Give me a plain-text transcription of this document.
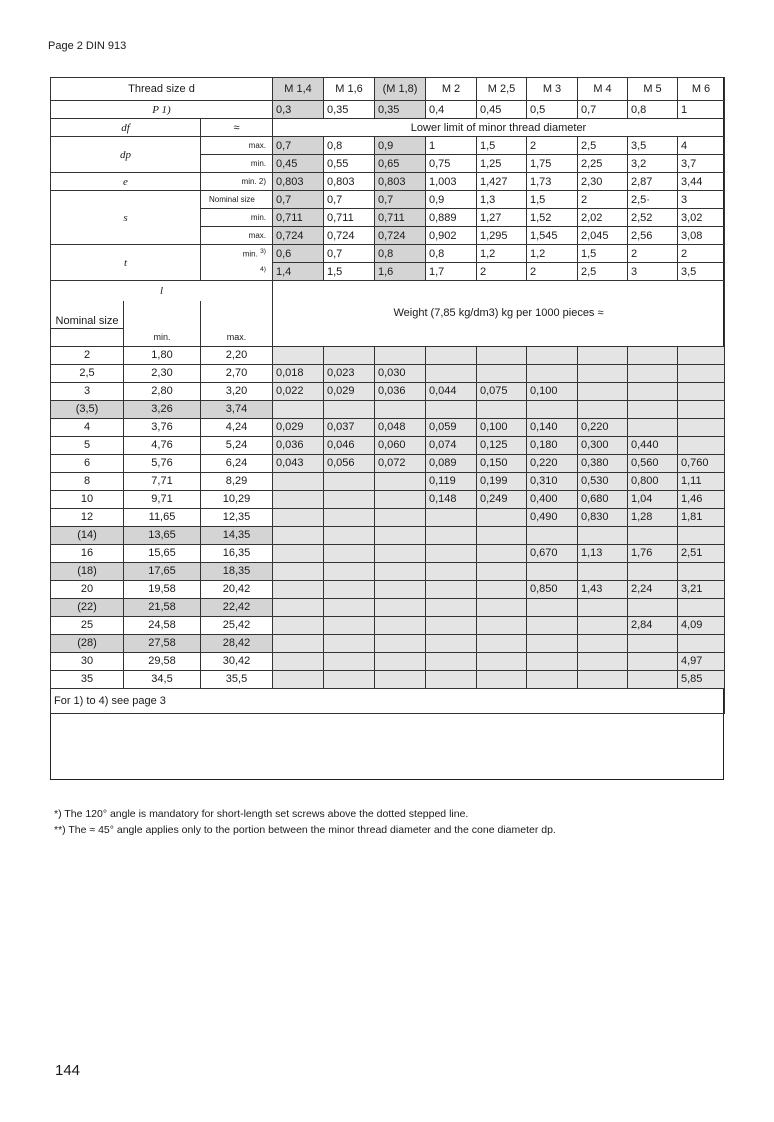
Page 2 DIN 913
Thread size d			M 1,4	M 1,6	(M 1,8)	M 2	M 2,5	M 3	M 4	M 5	M 6
P 1)			0,3	0,35	0,35	0,4	0,45	0,5	0,7	0,8	1
df		≈	Lower limit of minor thread diameter								
dp		max.	0,7	0,8	0,9	1	1,5	2	2,5	3,5	4
		min.	0,45	0,55	0,65	0,75	1,25	1,75	2,25	3,2	3,7
e		min. 2)	0,803	0,803	0,803	1,003	1,427	1,73	2,30	2,87	3,44
s		Nominal size	0,7	0,7	0,7	0,9	1,3	1,5	2	2,5·	3
		min.	0,711	0,711	0,711	0,889	1,27	1,52	2,02	2,52	3,02
		max.	0,724	0,724	0,724	0,902	1,295	1,545	2,045	2,56	3,08
t		min. $^{3)}$	0,6	0,7	0,8	0,8	1,2	1,2	1,5	2	2
		$^{4)}$	1,4	1,5	1,6	1,7	2	2	2,5	3	3,5
l			Weight (7,85 kg/dm3) kg per 1000 pieces ≈								
Nominal size											
	min.	max.									
2	1,80	2,20									
2,5	2,30	2,70	0,018	0,023	0,030						
3	2,80	3,20	0,022	0,029	0,036	0,044	0,075	0,100			
(3,5)	3,26	3,74									
4	3,76	4,24	0,029	0,037	0,048	0,059	0,100	0,140	0,220		
5	4,76	5,24	0,036	0,046	0,060	0,074	0,125	0,180	0,300	0,440	
6	5,76	6,24	0,043	0,056	0,072	0,089	0,150	0,220	0,380	0,560	0,760
8	7,71	8,29				0,119	0,199	0,310	0,530	0,800	1,11
10	9,71	10,29				0,148	0,249	0,400	0,680	1,04	1,46
12	11,65	12,35						0,490	0,830	1,28	1,81
(14)	13,65	14,35									
16	15,65	16,35						0,670	1,13	1,76	2,51
(18)	17,65	18,35									
20	19,58	20,42						0,850	1,43	2,24	3,21
(22)	21,58	22,42									
25	24,58	25,42								2,84	4,09
(28)	27,58	28,42									
30	29,58	30,42									4,97
35	34,5	35,5									5,85
For 1) to 4) see page 3											
*) The 120° angle is mandatory for short-length set screws above the dotted stepped line.
**) The ≈ 45° angle applies only to the portion between the minor thread diameter and the cone diameter dp.
144
